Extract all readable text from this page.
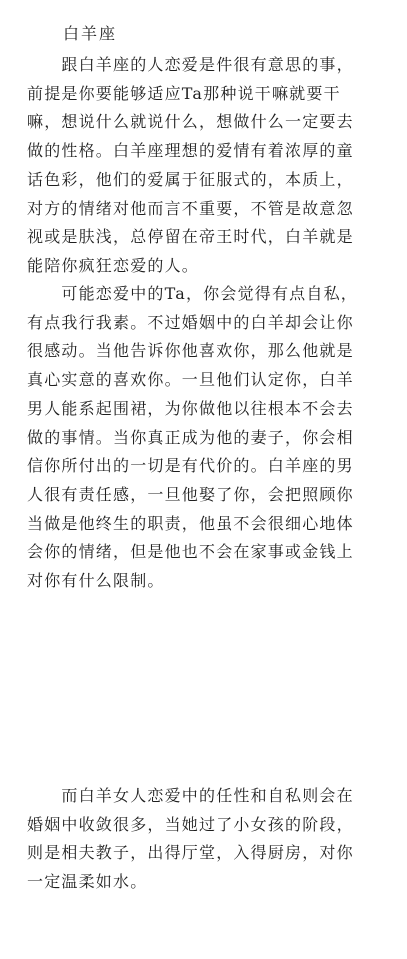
白羊座
　　跟白羊座的人恋爱是件很有意思的事，
前提是你要能够适应Ta那种说干嘛就要干
嘛，想说什么就说什么，想做什么一定要去
做的性格。白羊座理想的爱情有着浓厚的童
话色彩，他们的爱属于征服式的，本质上，
对方的情绪对他而言不重要，不管是故意忽
视或是肤浅，总停留在帝王时代，白羊就是
能陪你疯狂恋爱的人。
　　可能恋爱中的Ta，你会觉得有点自私，
有点我行我素。不过婚姻中的白羊却会让你
很感动。当他告诉你他喜欢你，那么他就是
真心实意的喜欢你。一旦他们认定你，白羊
男人能系起围裙，为你做他以往根本不会去
做的事情。当你真正成为他的妻子，你会相
信你所付出的一切是有代价的。白羊座的男
人很有责任感，一旦他娶了你，会把照顾你
当做是他终生的职责，他虽不会很细心地体
会你的情绪，但是他也不会在家事或金钱上
对你有什么限制。
　　而白羊女人恋爱中的任性和自私则会在
婚姻中收敛很多，当她过了小女孩的阶段，
则是相夫教子，出得厅堂，入得厨房，对你
一定温柔如水。
